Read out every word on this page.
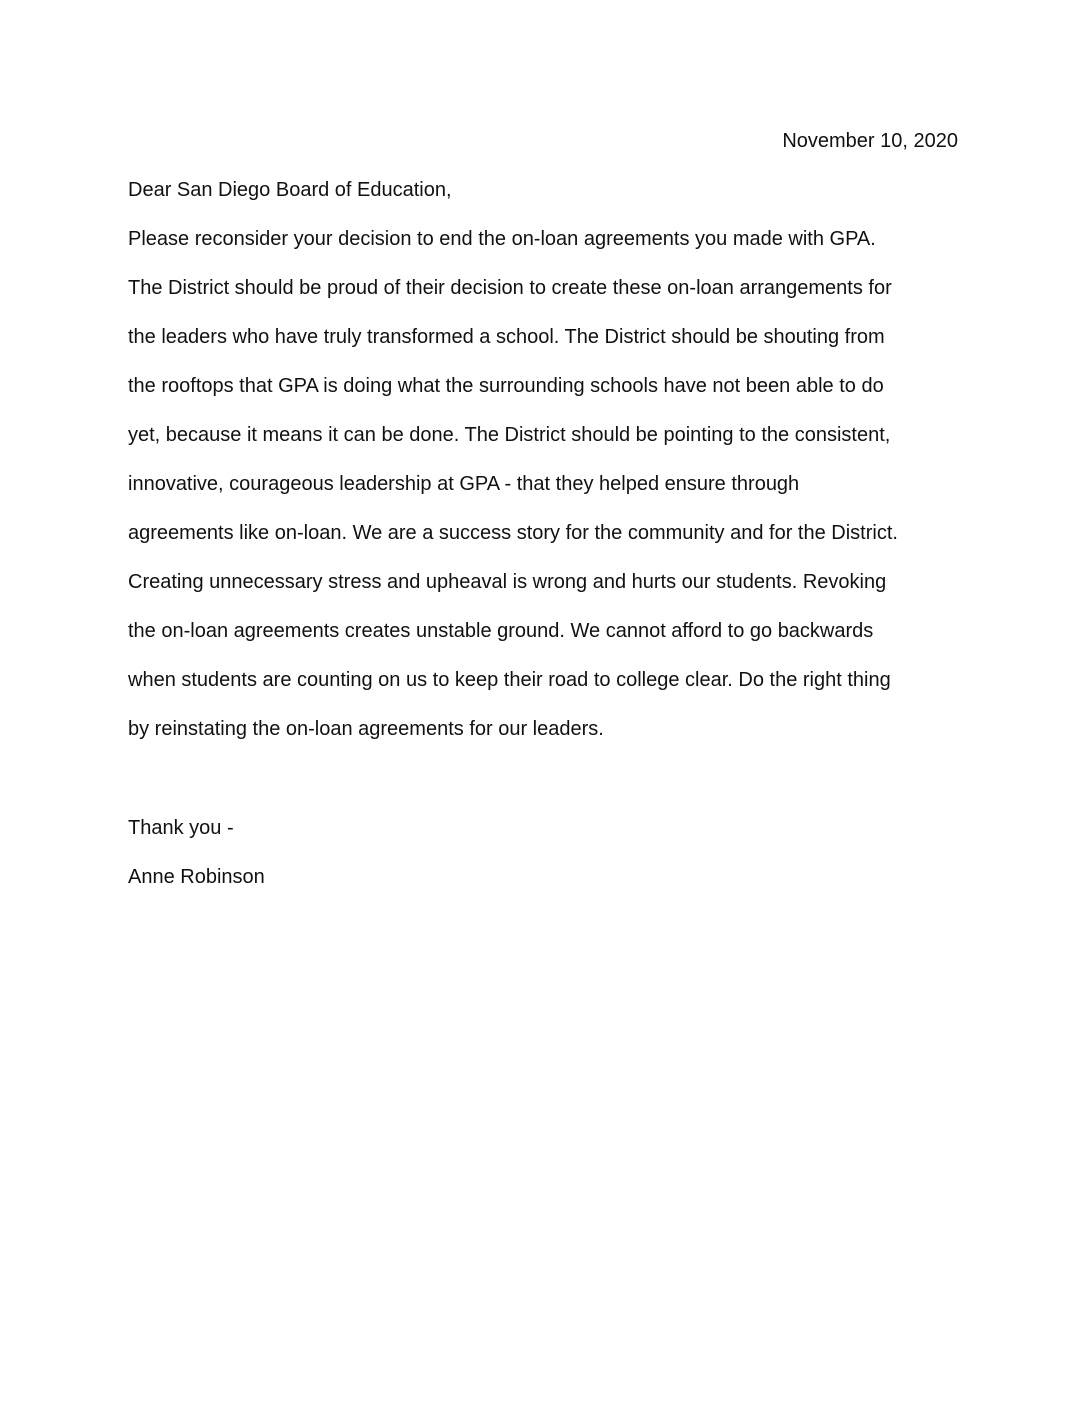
November 10, 2020
Dear San Diego Board of Education,
Please reconsider your decision to end the on-loan agreements you made with GPA.
The District should be proud of their decision to create these on-loan arrangements for
the leaders who have truly transformed a school. The District should be shouting from
the rooftops that GPA is doing what the surrounding schools have not been able to do
yet, because it means it can be done. The District should be pointing to the consistent,
innovative, courageous leadership at GPA - that they helped ensure through
agreements like on-loan. We are a success story for the community and for the District.
Creating unnecessary stress and upheaval is wrong and hurts our students. Revoking
the on-loan agreements creates unstable ground. We cannot afford to go backwards
when students are counting on us to keep their road to college clear. Do the right thing
by reinstating the on-loan agreements for our leaders.
Thank you -
Anne Robinson
